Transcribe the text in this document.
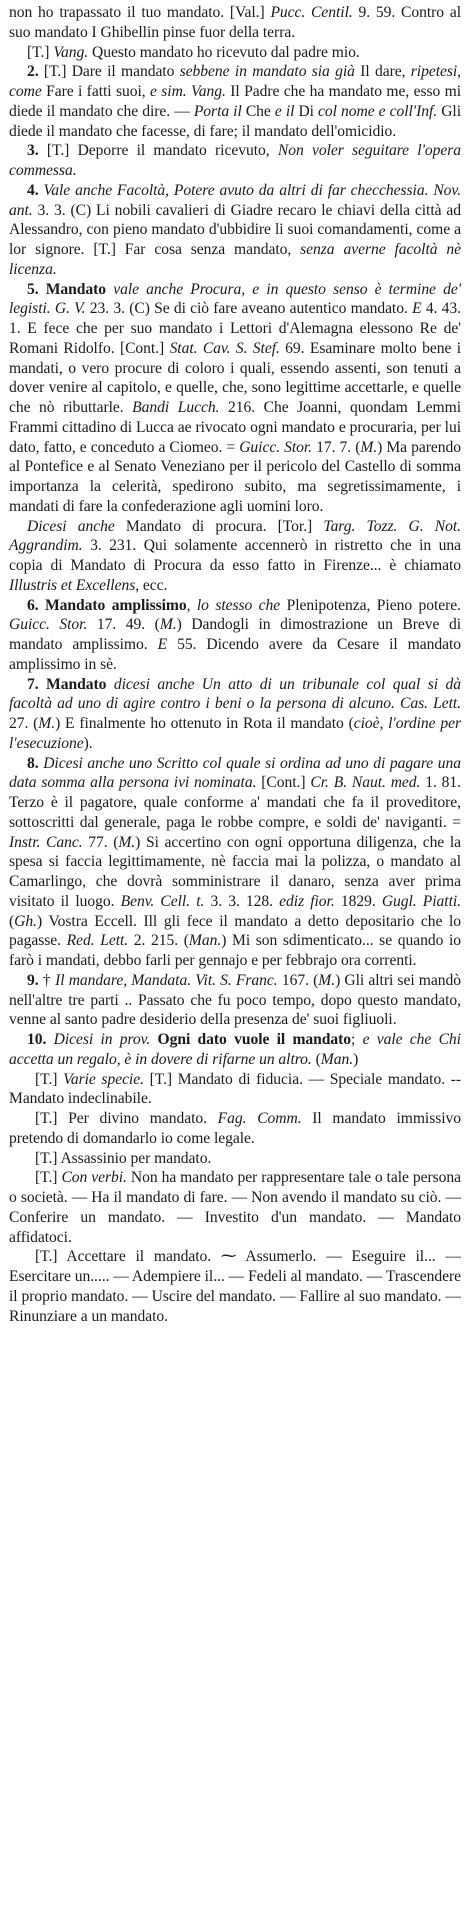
non ho trapassato il tuo mandato. [Val.] Pucc. Centil. 9. 59. Contro al suo mandato I Ghibellin pinse fuor della terra.

[T.] Vang. Questo mandato ho ricevuto dal padre mio.

2. [T.] Dare il mandato sebbene in mandato sia già Il dare, ripetesi, come Fare i fatti suoi, e sim. Vang. Il Padre che ha mandato me, esso mi diede il mandato che dire. — Porta il Che e il Di col nome e coll'Inf. Gli diede il mandato che facesse, di fare; il mandato dell'omicidio.

3. [T.] Deporre il mandato ricevuto, Non voler seguitare l'opera commessa.

4. Vale anche Facoltà, Potere avuto da altri di far checchessia. Nov. ant. 3. 3. (C) Li nobili cavalieri di Giadre recaro le chiavi della città ad Alessandro, con pieno mandato d'ubbidire li suoi comandamenti, come a lor signore. [T.] Far cosa senza mandato, senza averne facoltà nè licenza.

5. Mandato vale anche Procura, e in questo senso è termine de' legisti. G. V. 23. 3. (C) Se di ciò fare aveano autentico mandato. E 4. 43. 1. E fece che per suo mandato i Lettori d'Alemagna elessono Re de' Romani Ridolfo. [Cont.] Stat. Cav. S. Stef. 69. Esaminare molto bene i mandati, o vero procure di coloro i quali, essendo assenti, son tenuti a dover venire al capitolo, e quelle, che, sono legittime accettarle, e quelle che nò ributtarle. Bandi Lucch. 216. Che Joanni, quondam Lemmi Frammi cittadino di Lucca ae rivocato ogni mandato e procuraria, per lui dato, fatto, e conceduto a Ciomeo. = Guicc. Stor. 17. 7. (M.) Ma parendo al Pontefice e al Senato Veneziano per il pericolo del Castello di somma importanza la celerità, spedirono subito, ma segretissimamente, i mandati di fare la confederazione agli uomini loro.

Dicesi anche Mandato di procura. [Tor.] Targ. Tozz. G. Not. Aggrandim. 3. 231. Qui solamente accennerò in ristretto che in una copia di Mandato di Procura da esso fatto in Firenze... è chiamato Illustris et Excellens, ecc.

6. Mandato amplissimo, lo stesso che Plenipotenza, Pieno potere. Guicc. Stor. 17. 49. (M.) Dandogli in dimostrazione un Breve di mandato amplissimo. E 55. Dicendo avere da Cesare il mandato amplissimo in sè.

7. Mandato dicesi anche Un atto di un tribunale col qual si dà facoltà ad uno di agire contro i beni o la persona di alcuno. Cas. Lett. 27. (M.) E finalmente ho ottenuto in Rota il mandato (cioè, l'ordine per l'esecuzione).

8. Dicesi anche uno Scritto col quale si ordina ad uno di pagare una data somma alla persona ivi nominata. [Cont.] Cr. B. Naut. med. 1. 81. Terzo è il pagatore, quale conforme a' mandati che fa il proveditore, sottoscritti dal generale, paga le robbe compre, e soldi de' naviganti. = Instr. Canc. 77. (M.) Si accertino con ogni opportuna diligenza, che la spesa si faccia legittimamente, nè faccia mai la polizza, o mandato al Camarlingo, che dovrà somministrare il danaro, senza aver prima visitato il luogo. Benv. Cell. t. 3. 3. 128. ediz fior. 1829. Gugl. Piatti. (Gh.) Vostra Eccell. Ill gli fece il mandato a detto depositario che lo pagasse. Red. Lett. 2. 215. (Man.) Mi son sdimenticato... se quando io farò i mandati, debbo farli per gennajo e per febbrajo ora correnti.

9. † Il mandare, Mandata. Vit. S. Franc. 167. (M.) Gli altri sei mandò nell'altre tre parti .. Passato che fu poco tempo, dopo questo mandato, venne al santo padre desiderio della presenza de' suoi figliuoli.

10. Dicesi in prov. Ogni dato vuole il mandato; e vale che Chi accetta un regalo, è in dovere di rifarne un altro. (Man.)

[T.] Varie specie. [T.] Mandato di fiducia. — Speciale mandato. -- Mandato indeclinabile.

[T.] Per divino mandato. Fag. Comm. Il mandato immissivo pretendo di domandarlo io come legale.

[T.] Assassinio per mandato.

[T.] Con verbi. Non ha mandato per rappresentare tale o tale persona o società. — Ha il mandato di fare. — Non avendo il mandato su ciò. — Conferire un mandato. — Investito d'un mandato. — Mandato affidatoci.

[T.] Accettare il mandato. ⁓ Assumerlo. — Eseguire il... — Esercitare un..... — Adempiere il... — Fedeli al mandato. — Trascendere il proprio mandato. — Uscire del mandato. — Fallire al suo mandato. — Rinunziare a un mandato.
